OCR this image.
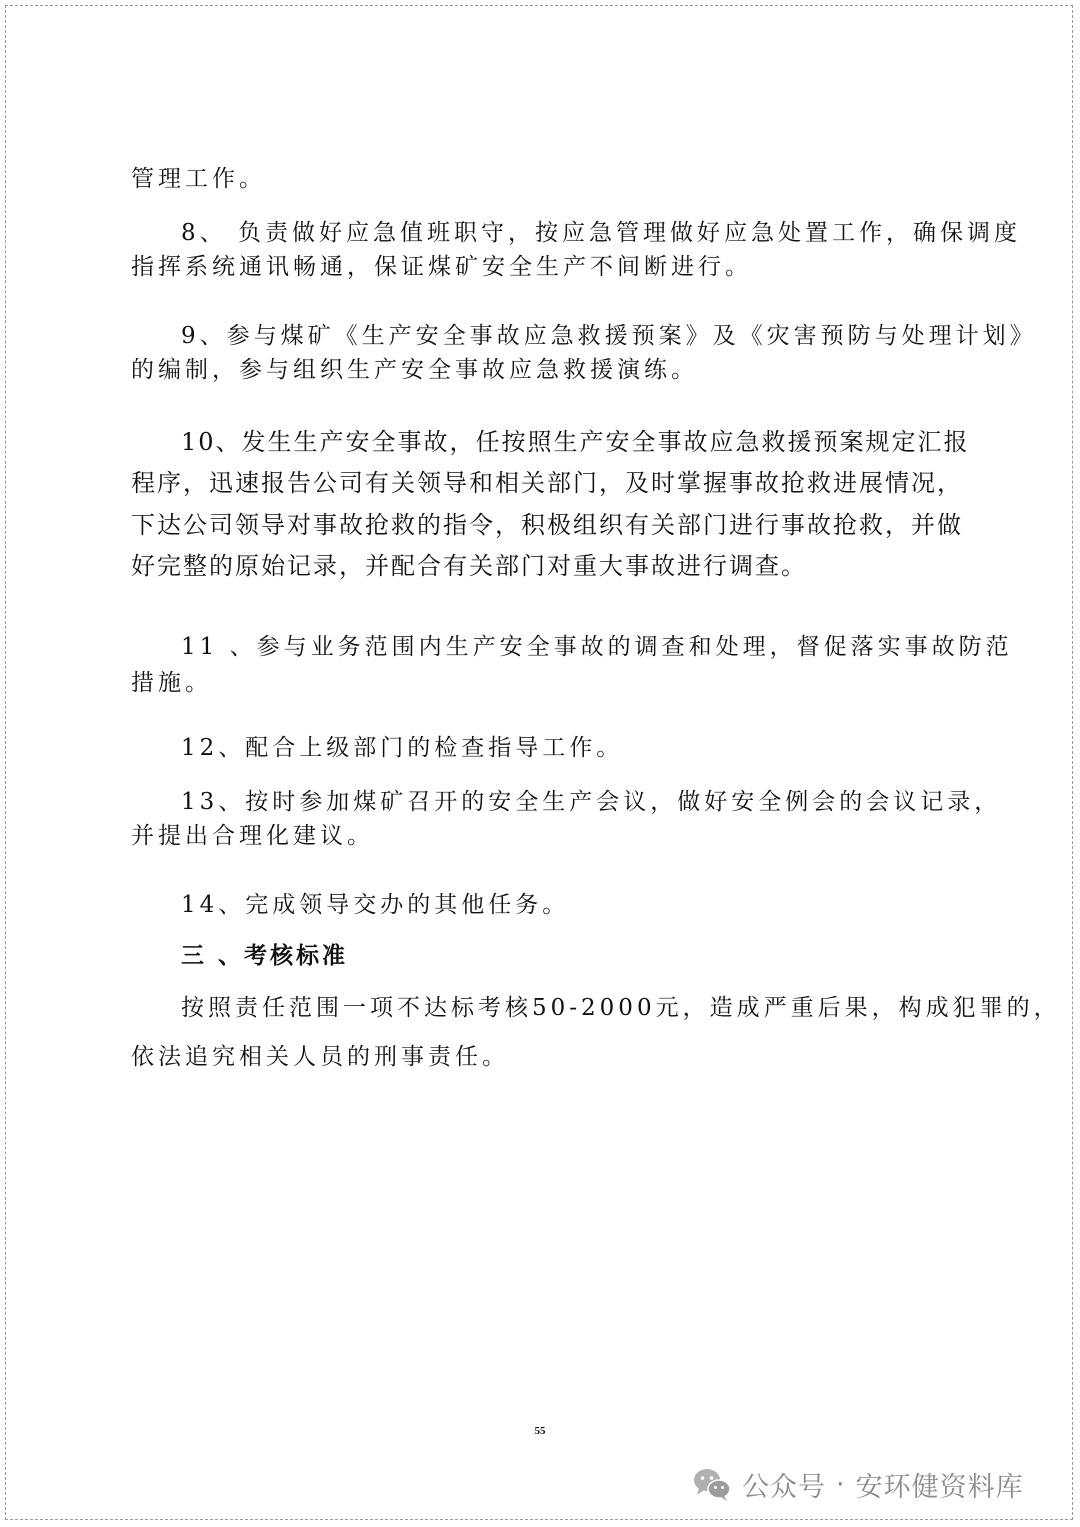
管理工作。

8、 负责做好应急值班职守，按应急管理做好应急处置工作，确保调度

指挥系统通讯畅通，保证煤矿安全生产不间断进行。

9、参与煤矿《生产安全事故应急救援预案》及《灾害预防与处理计划》

的编制，参与组织生产安全事故应急救援演练。

10、发生生产安全事故，任按照生产安全事故应急救援预案规定汇报

程序，迅速报告公司有关领导和相关部门，及时掌握事故抢救进展情况，

下达公司领导对事故抢救的指令，积极组织有关部门进行事故抢救，并做

好完整的原始记录，并配合有关部门对重大事故进行调查。

11 、参与业务范围内生产安全事故的调查和处理，督促落实事故防范

措施。

12、配合上级部门的检查指导工作。

13、按时参加煤矿召开的安全生产会议，做好安全例会的会议记录，

并提出合理化建议。

14、完成领导交办的其他任务。

三 、考核标准

按照责任范围一项不达标考核50-2000元，造成严重后果，构成犯罪的，

依法追究相关人员的刑事责任。

55
公众号 · 安环健资料库
